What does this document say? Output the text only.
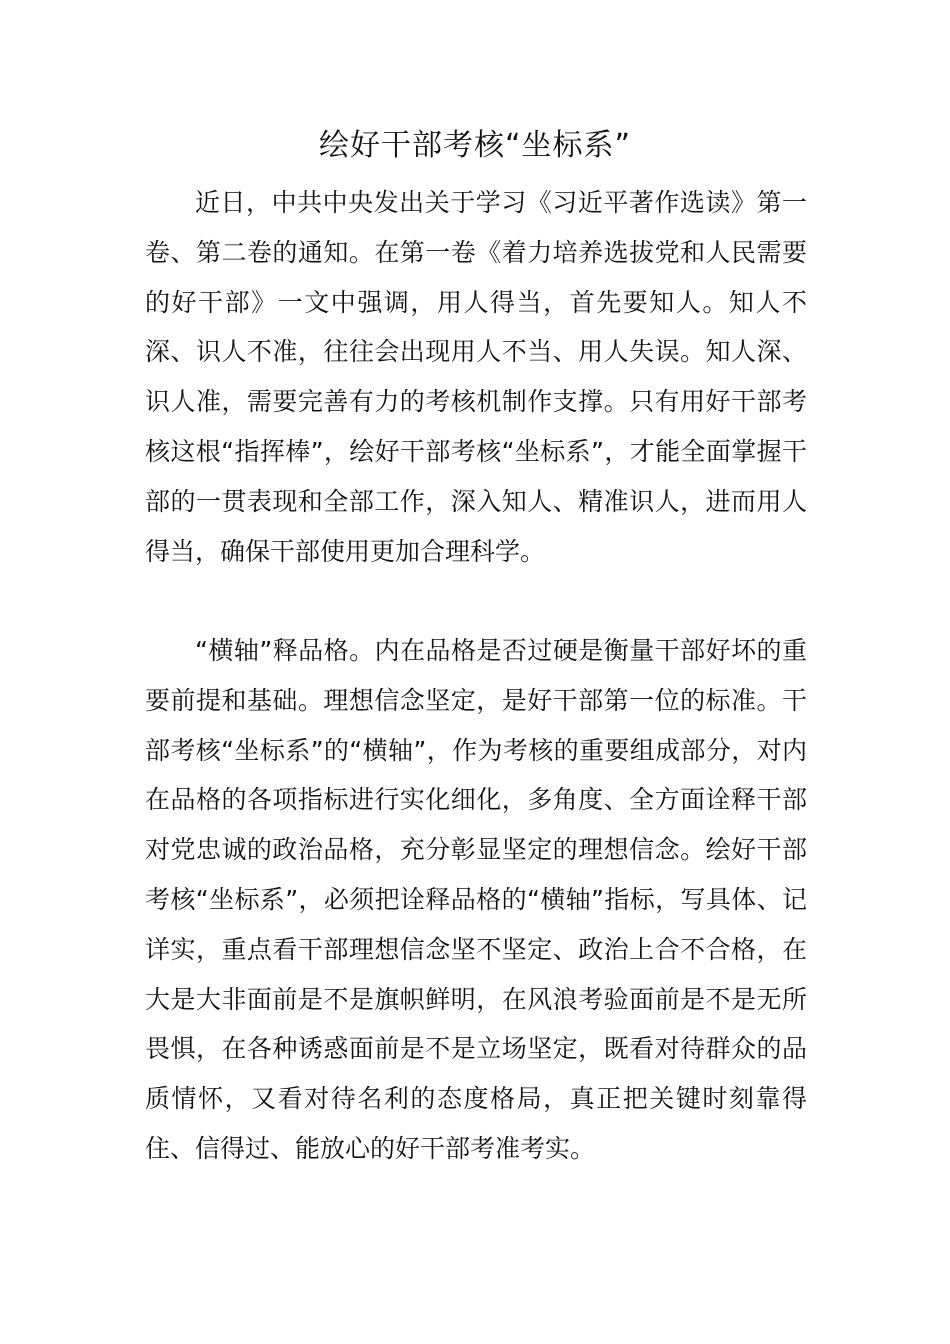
绘好干部考核“坐标系”

近日，中共中央发出关于学习《习近平著作选读》第一卷、第二卷的通知。在第一卷《着力培养选拔党和人民需要的好干部》一文中强调，用人得当，首先要知人。知人不深、识人不准，往往会出现用人不当、用人失误。知人深、识人准，需要完善有力的考核机制作支撑。只有用好干部考核这根“指挥棒”，绘好干部考核“坐标系”，才能全面掌握干部的一贯表现和全部工作，深入知人、精准识人，进而用人得当，确保干部使用更加合理科学。

“横轴”释品格。内在品格是否过硬是衡量干部好坏的重要前提和基础。理想信念坚定，是好干部第一位的标准。干部考核“坐标系”的“横轴”，作为考核的重要组成部分，对内在品格的各项指标进行实化细化，多角度、全方面诠释干部对党忠诚的政治品格，充分彰显坚定的理想信念。绘好干部考核“坐标系”，必须把诠释品格的“横轴”指标，写具体、记详实，重点看干部理想信念坚不坚定、政治上合不合格，在大是大非面前是不是旗帜鲜明，在风浪考验面前是不是无所畏惧，在各种诱惑面前是不是立场坚定，既看对待群众的品质情怀，又看对待名利的态度格局，真正把关键时刻靠得住、信得过、能放心的好干部考准考实。
